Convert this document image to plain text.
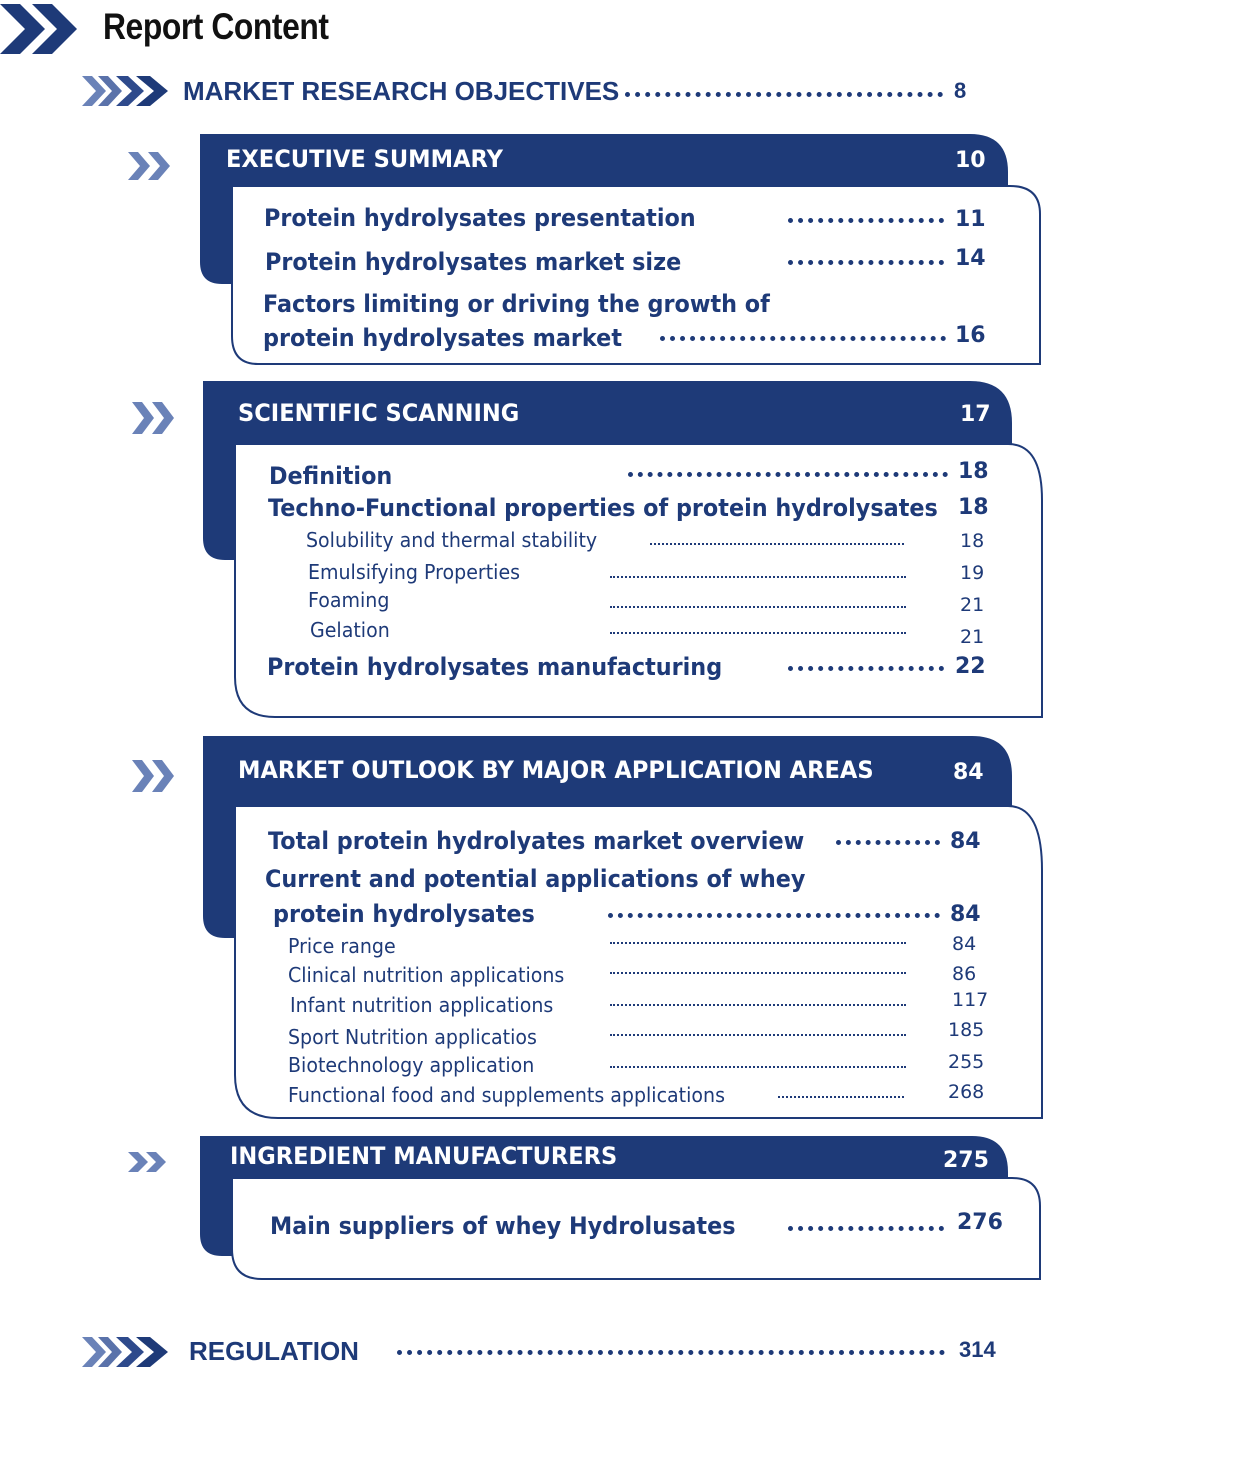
Report Content
MARKET RESEARCH OBJECTIVES	8
EXECUTIVE SUMMARY	10
Protein hydrolysates presentation	11
Protein hydrolysates market size	14
Factors limiting or driving the growth of
protein hydrolysates market	16
SCIENTIFIC SCANNING	17
Definition	18
Techno-Functional properties of protein hydrolysates 18
Solubility and thermal stability	18
Emulsifying Properties	19
Foaming	21
Gelation	21
Protein hydrolysates manufacturing	22
MARKET OUTLOOK BY MAJOR APPLICATION AREAS	84
Total protein hydrolyates market overview	84
Current and potential applications of whey
protein hydrolysates	84
Price range	84
Clinical nutrition applications	86
Infant nutrition applications	117
Sport Nutrition applicatios	185
Biotechnology application	255
Functional food and supplements applications	268
INGREDIENT MANUFACTURERS	275
Main suppliers of whey Hydrolusates	276
REGULATION	314
